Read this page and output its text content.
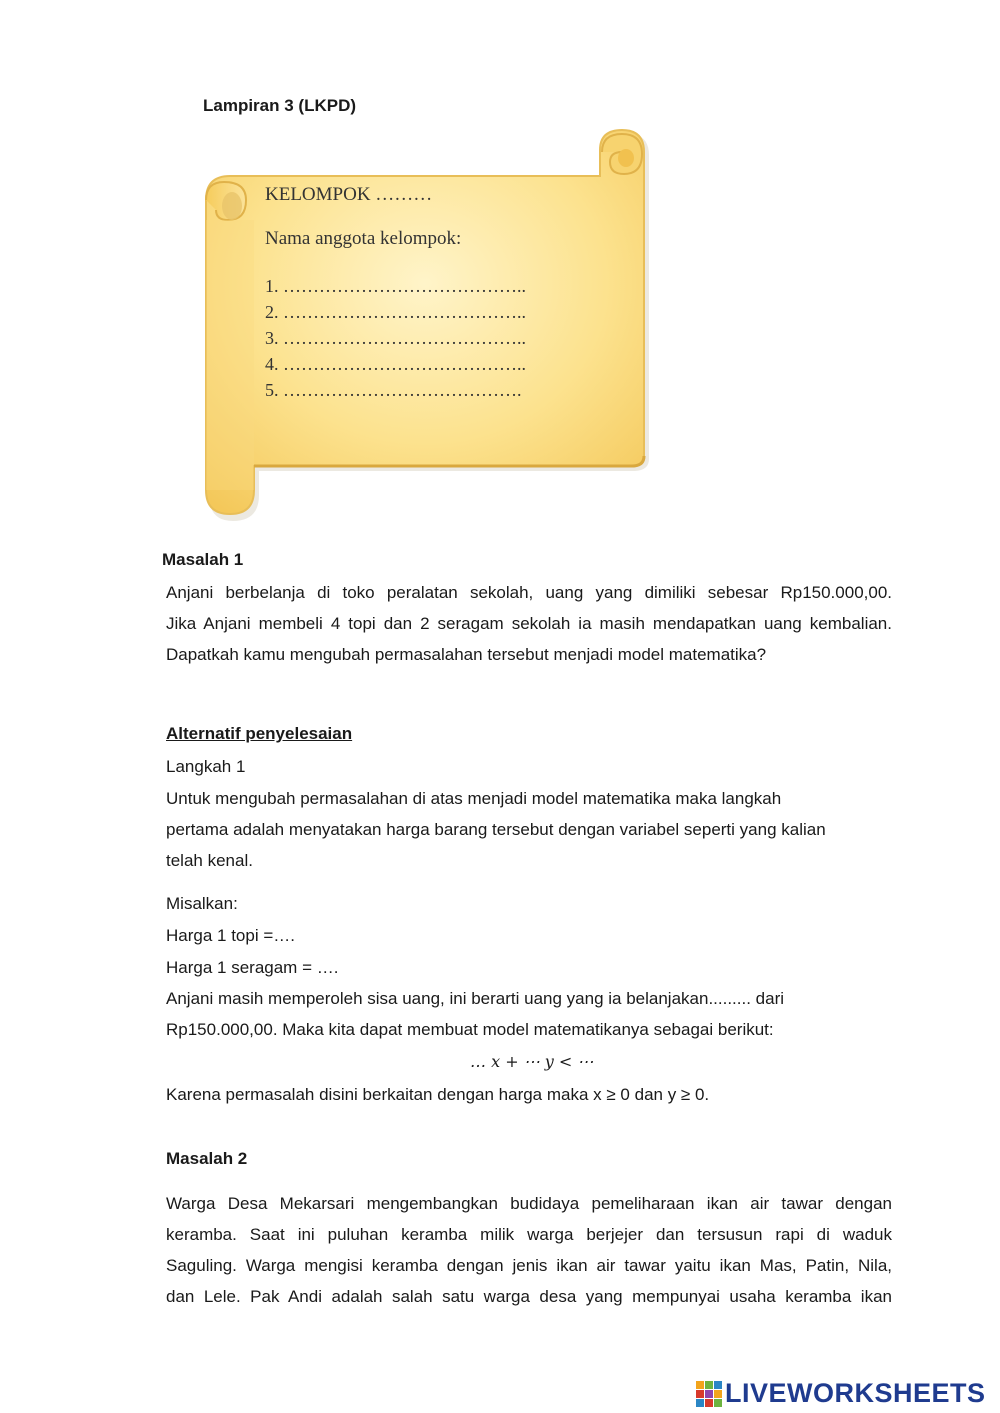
Lampiran 3 (LKPD)
KELOMPOK ………
Nama anggota kelompok:
1. …………………………………..
2. …………………………………..
3. …………………………………..
4. …………………………………..
5. ………………………………….
Masalah 1
Anjani berbelanja di toko peralatan sekolah, uang yang dimiliki sebesar Rp150.000,00.
Jika Anjani membeli 4 topi dan 2 seragam sekolah ia masih mendapatkan uang kembalian.
Dapatkah kamu mengubah permasalahan tersebut menjadi model matematika?
Alternatif penyelesaian
Langkah 1
Untuk mengubah permasalahan di atas menjadi model matematika maka langkah
pertama adalah menyatakan harga barang tersebut dengan variabel seperti yang kalian
telah kenal.
Misalkan:
Harga 1 topi =….
Harga 1 seragam = ….
Anjani masih memperoleh sisa uang, ini berarti uang yang ia belanjakan......... dari
Rp150.000,00. Maka kita dapat membuat model matematikanya sebagai berikut:
… 𝑥 + ⋯ 𝑦 < ⋯
Karena permasalah disini berkaitan dengan harga maka x ≥ 0 dan y ≥ 0.
Masalah 2
Warga Desa Mekarsari mengembangkan budidaya pemeliharaan ikan air tawar dengan
keramba. Saat ini puluhan keramba milik warga berjejer dan tersusun rapi di waduk
Saguling. Warga mengisi keramba dengan jenis ikan air tawar yaitu ikan Mas, Patin, Nila,
dan Lele. Pak Andi adalah salah satu warga desa yang mempunyai usaha keramba ikan
LIVEWORKSHEETS
